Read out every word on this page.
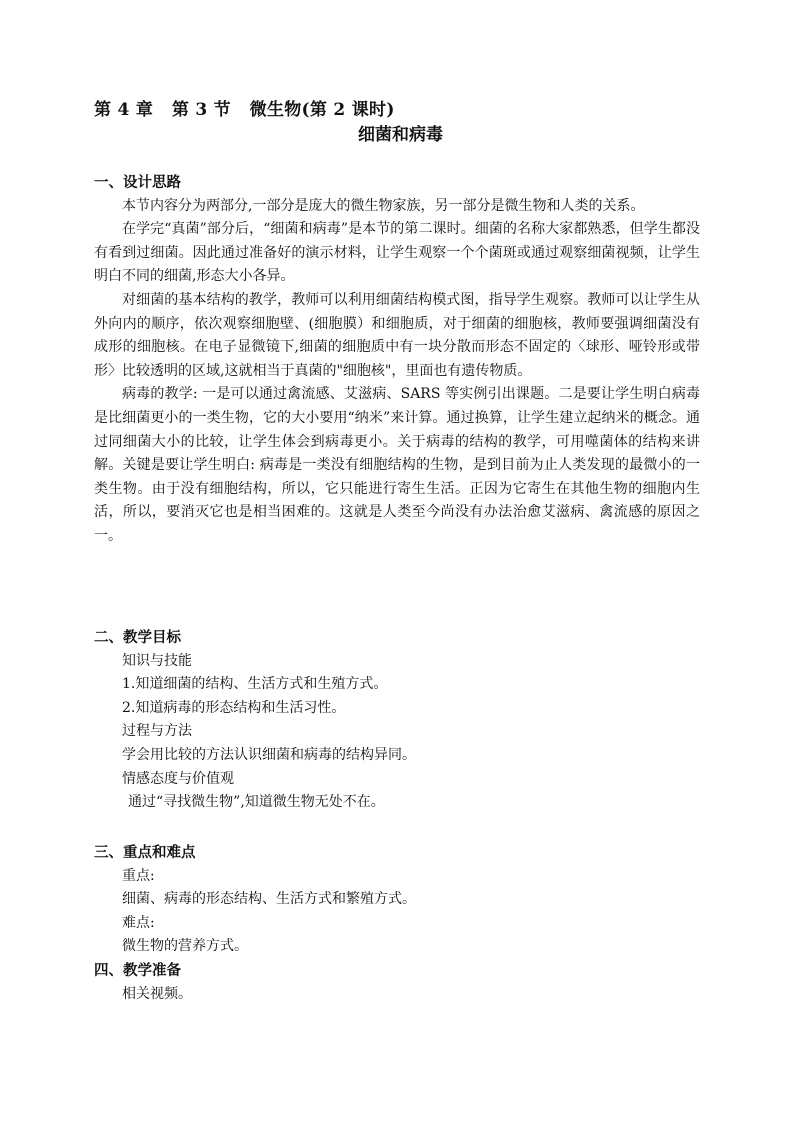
第 4 章   第 3 节   微生物(第 2 课时)
细菌和病毒
一、设计思路

本节内容分为两部分,一部分是庞大的微生物家族，另一部分是微生物和人类的关系。

在学完“真菌”部分后，“细菌和病毒”是本节的第二课时。细菌的名称大家都熟悉，但学生都没有看到过细菌。因此通过准备好的演示材料，让学生观察一个个菌斑或通过观察细菌视频，让学生明白不同的细菌,形态大小各异。

对细菌的基本结构的教学，教师可以利用细菌结构模式图，指导学生观察。教师可以让学生从外向内的顺序，依次观察细胞壁、(细胞膜）和细胞质，对于细菌的细胞核，教师要强调细菌没有成形的细胞核。在电子显微镜下,细菌的细胞质中有一块分散而形态不固定的〈球形、哑铃形或带形〉比较透明的区域,这就相当于真菌的"细胞核"，里面也有遗传物质。

病毒的教学: 一是可以通过禽流感、艾滋病、SARS 等实例引出课题。二是要让学生明白病毒是比细菌更小的一类生物，它的大小要用“纳米”来计算。通过换算，让学生建立起纳米的概念。通过同细菌大小的比较，让学生体会到病毒更小。关于病毒的结构的教学，可用噬菌体的结构来讲解。关键是要让学生明白: 病毒是一类没有细胞结构的生物，是到目前为止人类发现的最微小的一类生物。由于没有细胞结构，所以，它只能进行寄生生活。正因为它寄生在其他生物的细胞内生活，所以，要消灭它也是相当困难的。这就是人类至今尚没有办法治愈艾滋病、禽流感的原因之一。

二、教学目标

知识与技能

1.知道细菌的结构、生活方式和生殖方式。

2.知道病毒的形态结构和生活习性。

过程与方法

学会用比较的方法认识细菌和病毒的结构异同。

情感态度与价值观

通过“寻找微生物”,知道微生物无处不在。

三、重点和难点

重点:

细菌、病毒的形态结构、生活方式和繁殖方式。

难点:

微生物的营养方式。

四、教学准备

相关视频。
